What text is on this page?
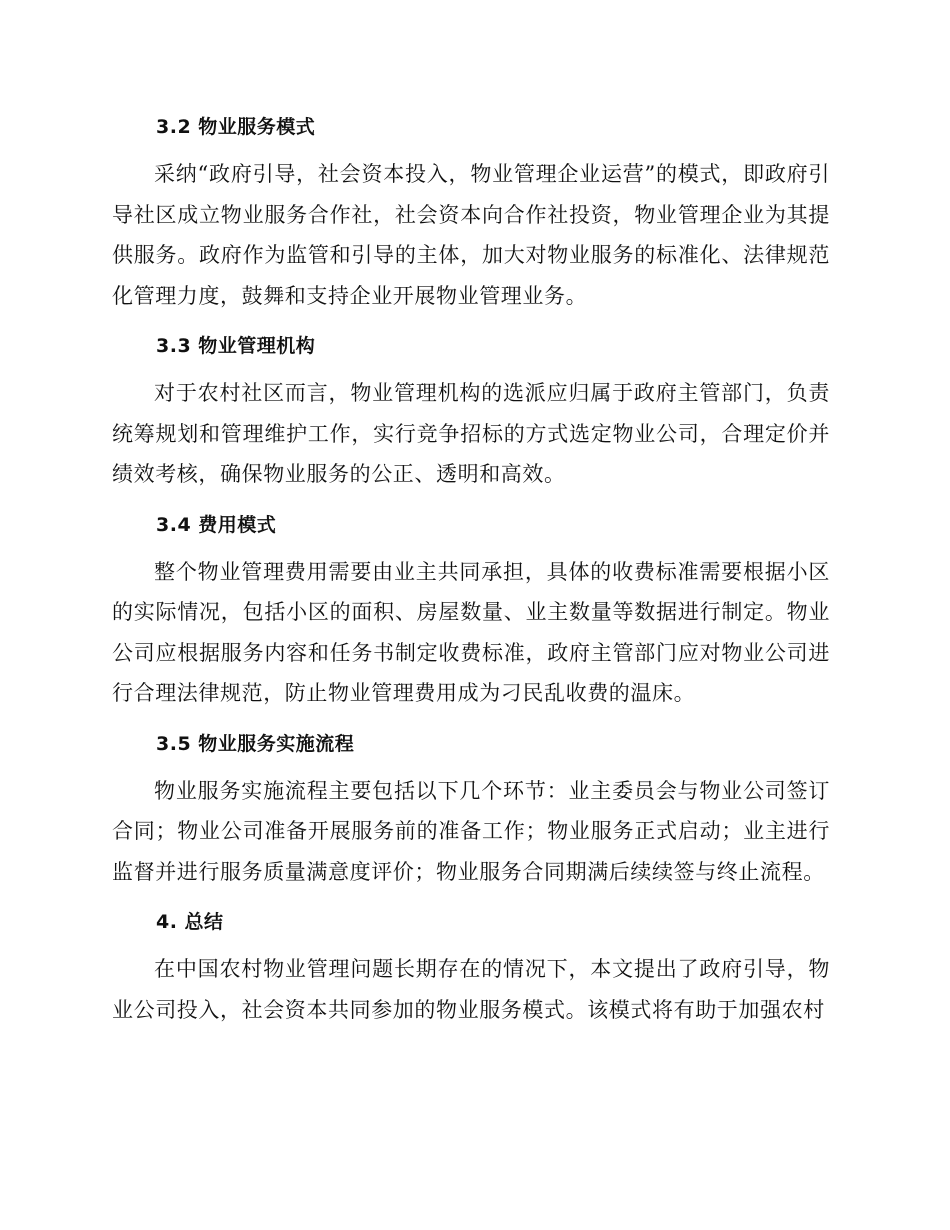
3.2 物业服务模式

采纳“政府引导，社会资本投入，物业管理企业运营”的模式，即政府引导社区成立物业服务合作社，社会资本向合作社投资，物业管理企业为其提供服务。政府作为监管和引导的主体，加大对物业服务的标准化、法律规范化管理力度，鼓舞和支持企业开展物业管理业务。

3.3 物业管理机构

对于农村社区而言，物业管理机构的选派应归属于政府主管部门，负责统筹规划和管理维护工作，实行竞争招标的方式选定物业公司，合理定价并绩效考核，确保物业服务的公正、透明和高效。

3.4 费用模式

整个物业管理费用需要由业主共同承担，具体的收费标准需要根据小区的实际情况，包括小区的面积、房屋数量、业主数量等数据进行制定。物业公司应根据服务内容和任务书制定收费标准，政府主管部门应对物业公司进行合理法律规范，防止物业管理费用成为刁民乱收费的温床。

3.5 物业服务实施流程

物业服务实施流程主要包括以下几个环节：业主委员会与物业公司签订合同；物业公司准备开展服务前的准备工作；物业服务正式启动；业主进行监督并进行服务质量满意度评价；物业服务合同期满后续续签与终止流程。

4. 总结

在中国农村物业管理问题长期存在的情况下，本文提出了政府引导，物业公司投入，社会资本共同参加的物业服务模式。该模式将有助于加强农村
